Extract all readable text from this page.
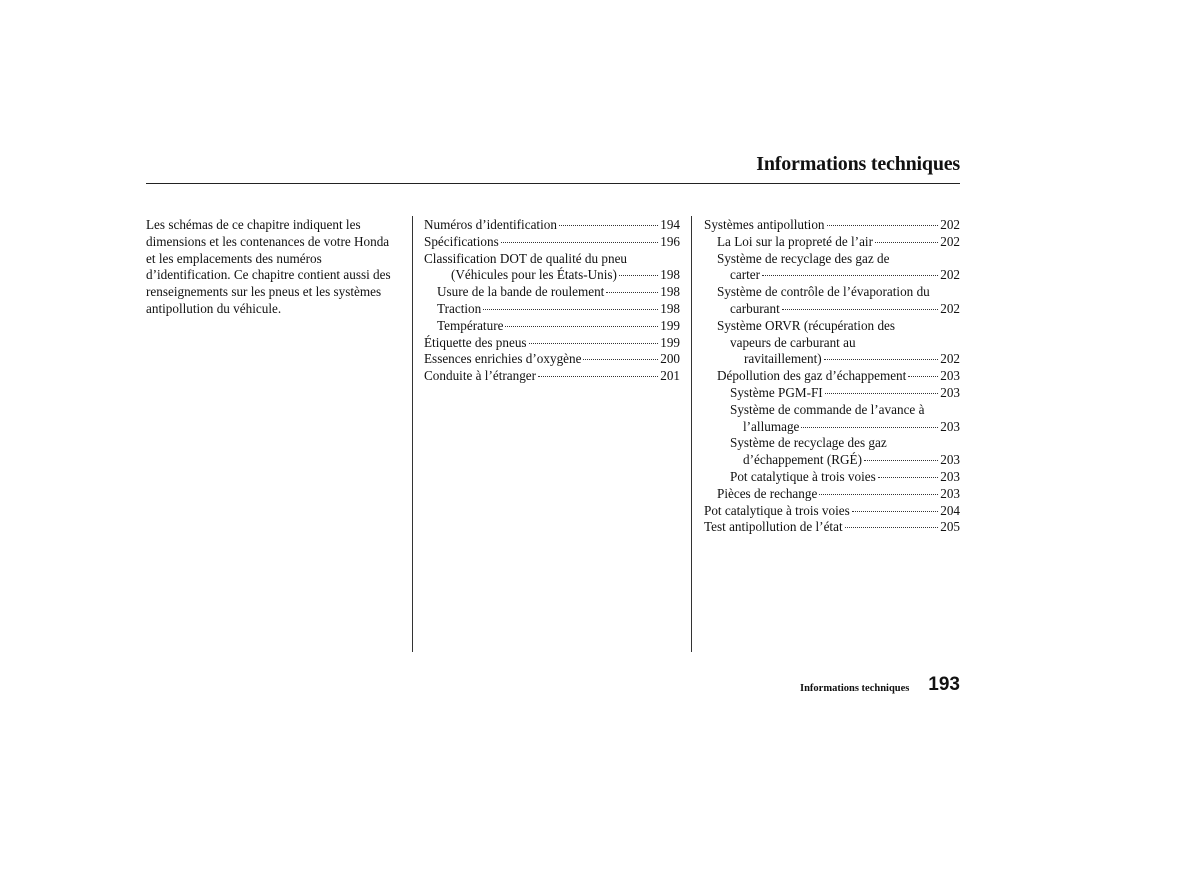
Informations techniques

Les schémas de ce chapitre indiquent les dimensions et les contenances de votre Honda et les emplacements des numéros d’identification. Ce chapitre contient aussi des renseignements sur les pneus et les systèmes antipollution du véhicule.

Numéros d’identification	194
Spécifications	196
Classification DOT de qualité du pneu
(Véhicules pour les États-Unis)	198
Usure de la bande de roulement	198
Traction	198
Température	199
Étiquette des pneus	199
Essences enrichies d’oxygène	200
Conduite à l’étranger	201
Systèmes antipollution	202
La Loi sur la propreté de l’air	202
Système de recyclage des gaz de
carter	202
Système de contrôle de l’évaporation du
carburant	202
Système ORVR (récupération des
vapeurs de carburant au
ravitaillement)	202
Dépollution des gaz d’échappement	203
Système PGM-FI	203
Système de commande de l’avance à
l’allumage	203
Système de recyclage des gaz
d’échappement (RGÉ)	203
Pot catalytique à trois voies	203
Pièces de rechange	203
Pot catalytique à trois voies	204
Test antipollution de l’état	205
Informations techniques 193
